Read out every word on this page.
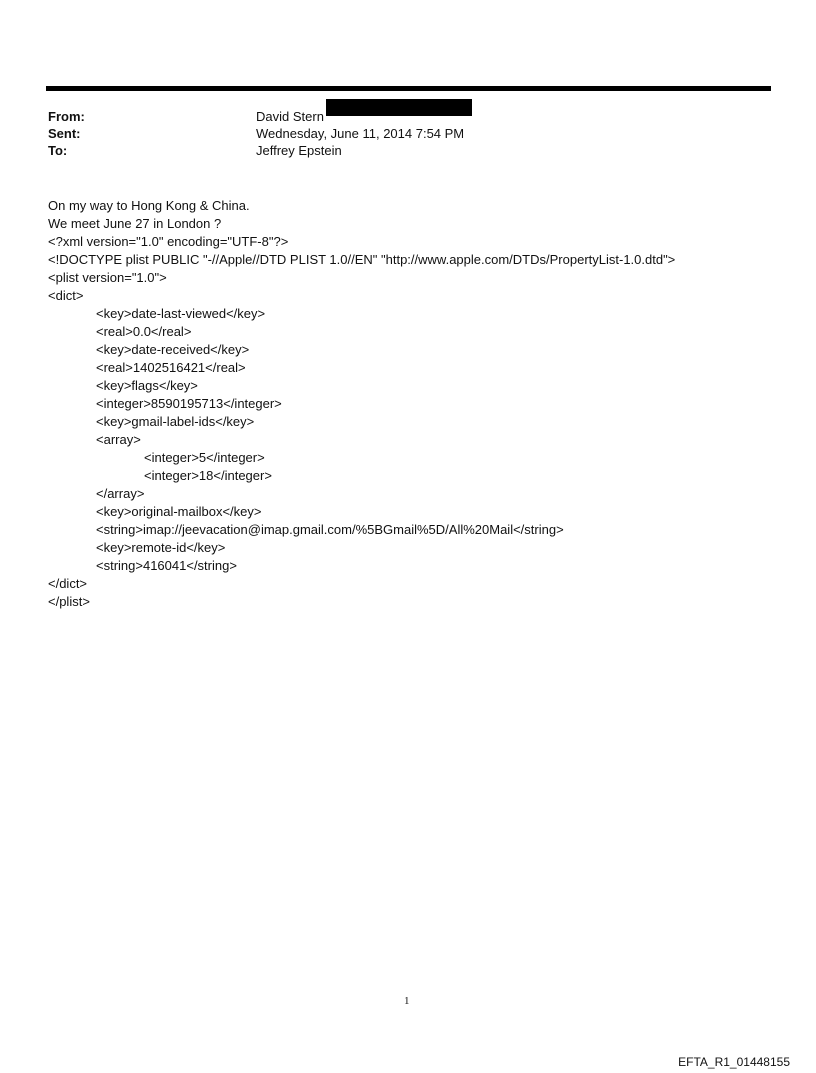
From:	David Stern
Sent:	Wednesday, June 11, 2014 7:54 PM
To:	Jeffrey Epstein
On my way to Hong Kong & China.
We meet June 27 in London ?
<?xml version="1.0" encoding="UTF-8"?>
<!DOCTYPE plist PUBLIC "-//Apple//DTD PLIST 1.0//EN" "http://www.apple.com/DTDs/PropertyList-1.0.dtd">
<plist version="1.0">
<dict>
<key>date-last-viewed</key>
<real>0.0</real>
<key>date-received</key>
<real>1402516421</real>
<key>flags</key>
<integer>8590195713</integer>
<key>gmail-label-ids</key>
<array>
<integer>5</integer>
<integer>18</integer>
</array>
<key>original-mailbox</key>
<string>imap://jeevacation@imap.gmail.com/%5BGmail%5D/All%20Mail</string>
<key>remote-id</key>
<string>416041</string>
</dict>
</plist>
1
EFTA_R1_01448155
